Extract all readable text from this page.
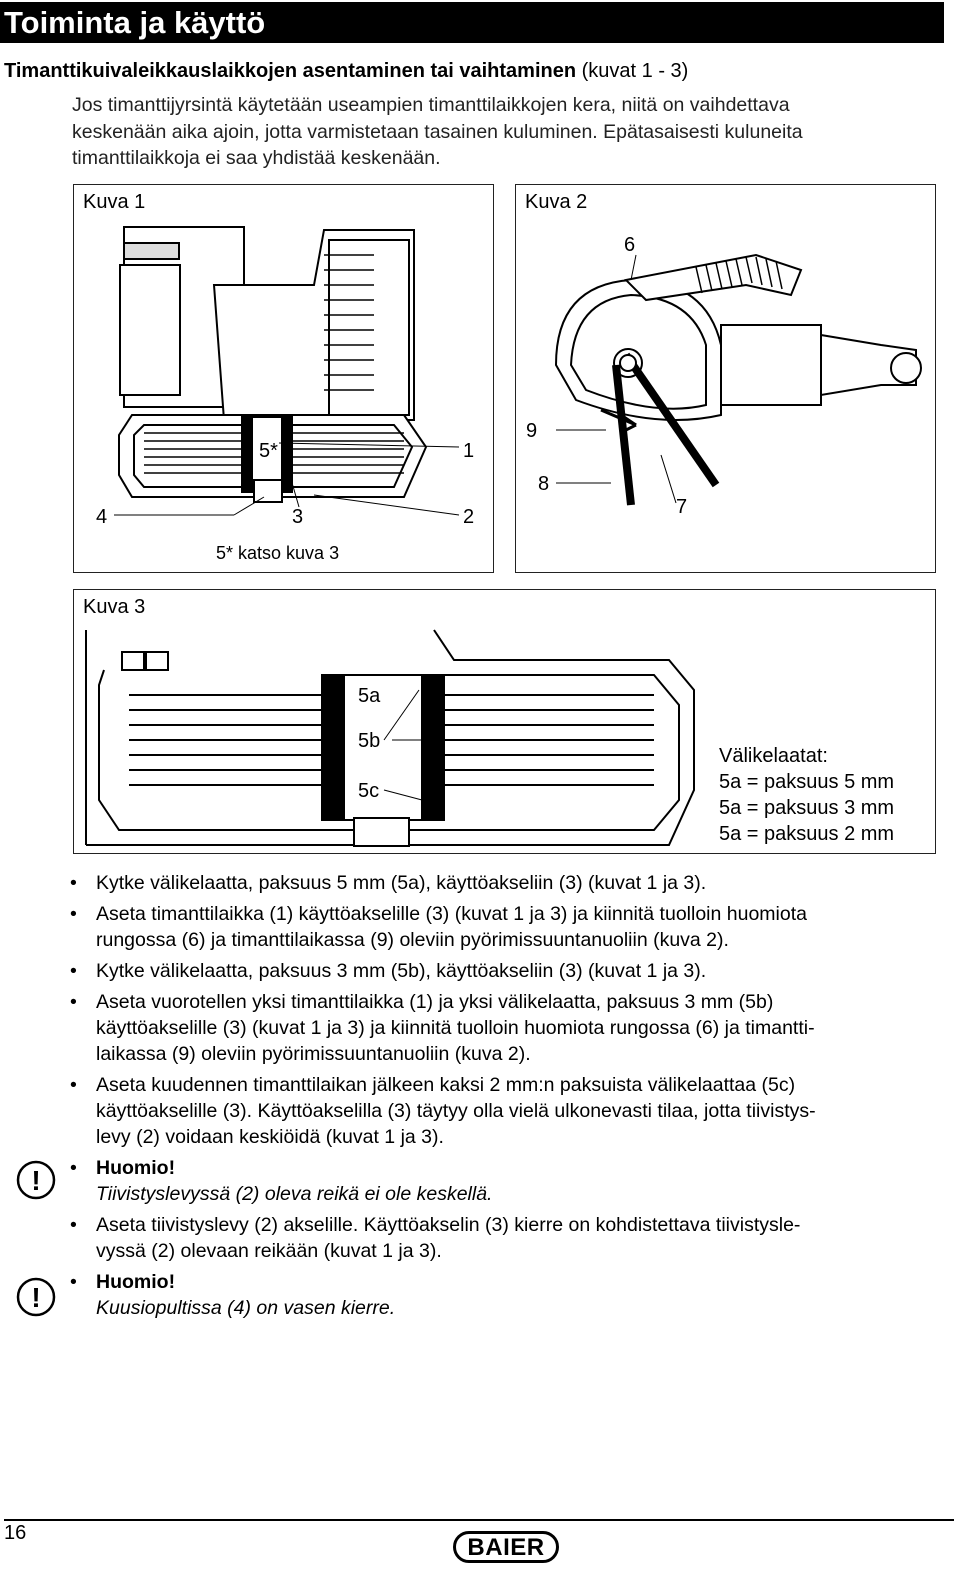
Toiminta ja käyttö
Timanttikuivaleikkauslaikkojen asentaminen tai vaihtaminen (kuvat 1 - 3)
Jos timanttijyrsintä käytetään useampien timanttilaikkojen kera, niitä on vaihdettava
keskenään aika ajoin, jotta varmistetaan tasainen kuluminen. Epätasaisesti kuluneita
timanttilaikkoja ei saa yhdistää keskenään.
Kuva 1
5*	1
4	3	2
5* katso kuva 3
Kuva 2
6
9
8
7
Kuva 3
5a
5b
5c
Välikelaatat:
5a = paksuus 5 mm
5a = paksuus 3 mm
5a = paksuus 2 mm
• Kytke välikelaatta, paksuus 5 mm (5a), käyttöakseliin (3) (kuvat 1 ja 3).
• Aseta timanttilaikka (1) käyttöakselille (3) (kuvat 1 ja 3) ja kiinnitä tuolloin huomiota
rungossa (6) ja timanttilaikassa (9) oleviin pyörimissuuntanuoliin (kuva 2).
• Kytke välikelaatta, paksuus 3 mm (5b), käyttöakseliin (3) (kuvat 1 ja 3).
• Aseta vuorotellen yksi timanttilaikka (1) ja yksi välikelaatta, paksuus 3 mm (5b)
käyttöakselille (3) (kuvat 1 ja 3) ja kiinnitä tuolloin huomiota rungossa (6) ja timantti-
laikassa (9) oleviin pyörimissuuntanuoliin (kuva 2).
• Aseta kuudennen timanttilaikan jälkeen kaksi 2 mm:n paksuista välikelaattaa (5c)
käyttöakselille (3). Käyttöakselilla (3) täytyy olla vielä ulkonevasti tilaa, jotta tiivistys-
levy (2) voidaan keskiöidä (kuvat 1 ja 3).
• Huomio!
Tiivistyslevyssä (2) oleva reikä ei ole keskellä.
• Aseta tiivistyslevy (2) akselille. Käyttöakselin (3) kierre on kohdistettava tiivistysle-
vyssä (2) olevaan reikään (kuvat 1 ja 3).
• Huomio!
Kuusiopultissa (4) on vasen kierre.
!
!
16
BAIER
